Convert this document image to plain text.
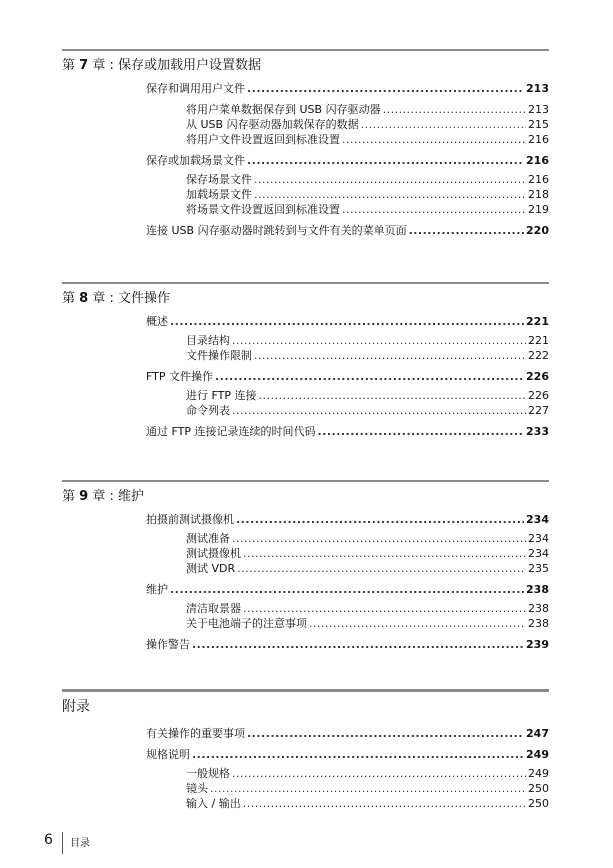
第 7 章 : 保存或加载用户设置数据
保存和调用用户文件 .....	213
将用户菜单数据保存到 USB 闪存驱动器 .....	213
从 USB 闪存驱动器加载保存的数据 .....	215
将用户文件设置返回到标准设置 .....	216
保存或加载场景文件 .....	216
保存场景文件 .....	216
加载场景文件 .....	218
将场景文件设置返回到标准设置 .....	219
连接 USB 闪存驱动器时跳转到与文件有关的菜单页面 .....	220
第 8 章 : 文件操作
概述 .....	221
目录结构 .....	221
文件操作限制 .....	222
FTP 文件操作 .....	226
进行 FTP 连接 .....	226
命令列表 .....	227
通过 FTP 连接记录连续的时间代码 .....	233
第 9 章 : 维护
拍摄前测试摄像机 .....	234
测试准备 .....	234
测试摄像机 .....	234
测试 VDR .....	235
维护 .....	238
清洁取景器 .....	238
关于电池端子的注意事项 .....	238
操作警告 .....	239
附录
有关操作的重要事项 .....	247
规格说明 .....	249
一般规格 .....	249
镜头 .....	250
输入 / 输出 .....	250
6 目录
